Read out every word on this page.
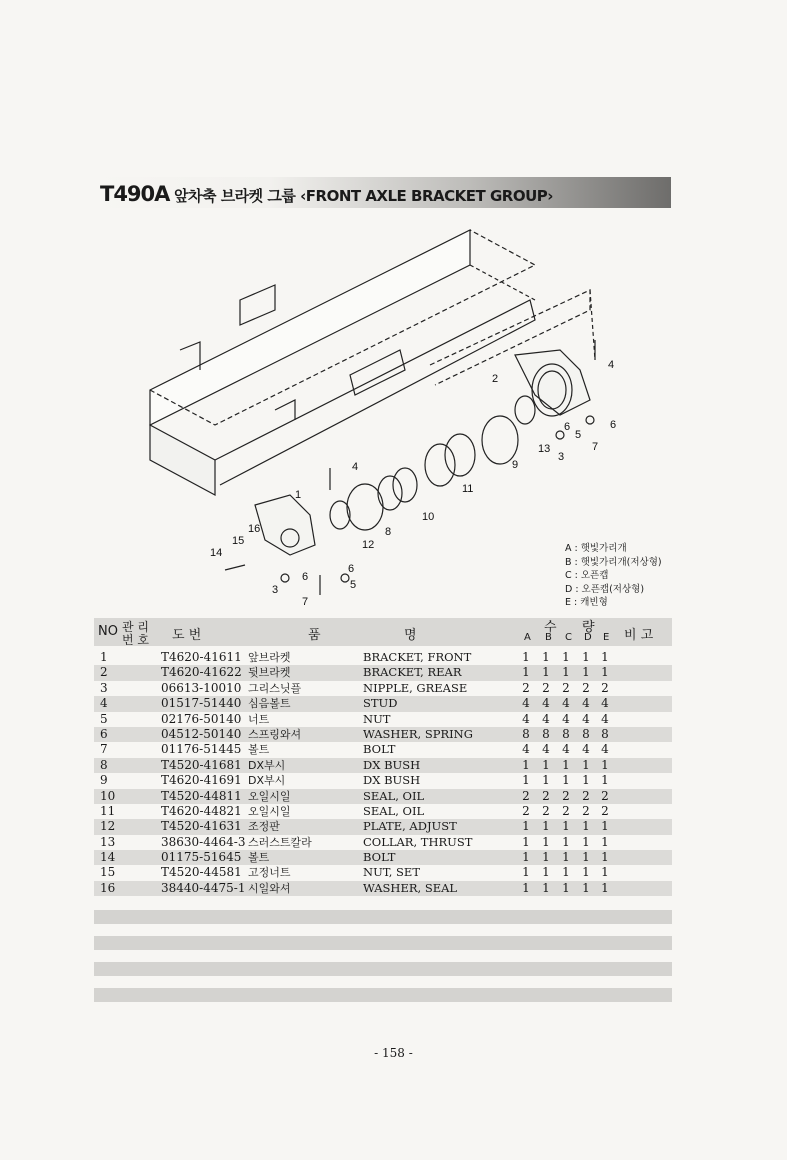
T490A 앞차축 브라켓 그룹 ‹FRONT AXLE BRACKET GROUP›
1
2
3
3
4
4
5
5
6
6
6	6
7
7
8
9
10
11
12
13
14
15
16
A : 햇빛가리개
B : 햇빛가리개(저상형)
C : 오픈캡
D : 오픈캡(저상형)
E : 캐빈형
NO 관 리
번 호 도 번	품	명
수 량
A B C D E 비 고
1	T4620-41611 앞브라켓	BRACKET, FRONT	1 1 1 1 1
2	T4620-41622 뒷브라켓	BRACKET, REAR	1 1 1 1 1
3	06613-10010 그리스닛플	NIPPLE, GREASE	2 2 2 2 2
4	01517-51440 심음볼트	STUD	4 4 4 4 4
5	02176-50140 너트	NUT	4 4 4 4 4
6	04512-50140 스프링와셔	WASHER, SPRING	8 8 8 8 8
7	01176-51445 볼트	BOLT	4 4 4 4 4
8	T4520-41681 DX부시	DX BUSH	1 1 1 1 1
9	T4620-41691 DX부시	DX BUSH	1 1 1 1 1
10	T4520-44811 오일시일	SEAL, OIL	2 2 2 2 2
11	T4620-44821 오일시일	SEAL, OIL	2 2 2 2 2
12	T4520-41631 조정판	PLATE, ADJUST	1 1 1 1 1
13	38630-4464-3 스러스트칼라	COLLAR, THRUST	1 1 1 1 1
14	01175-51645 볼트	BOLT	1 1 1 1 1
15	T4520-44581 고정너트	NUT, SET	1 1 1 1 1
16	38440-4475-1 시일와셔	WASHER, SEAL	1 1 1 1 1
- 158 -
